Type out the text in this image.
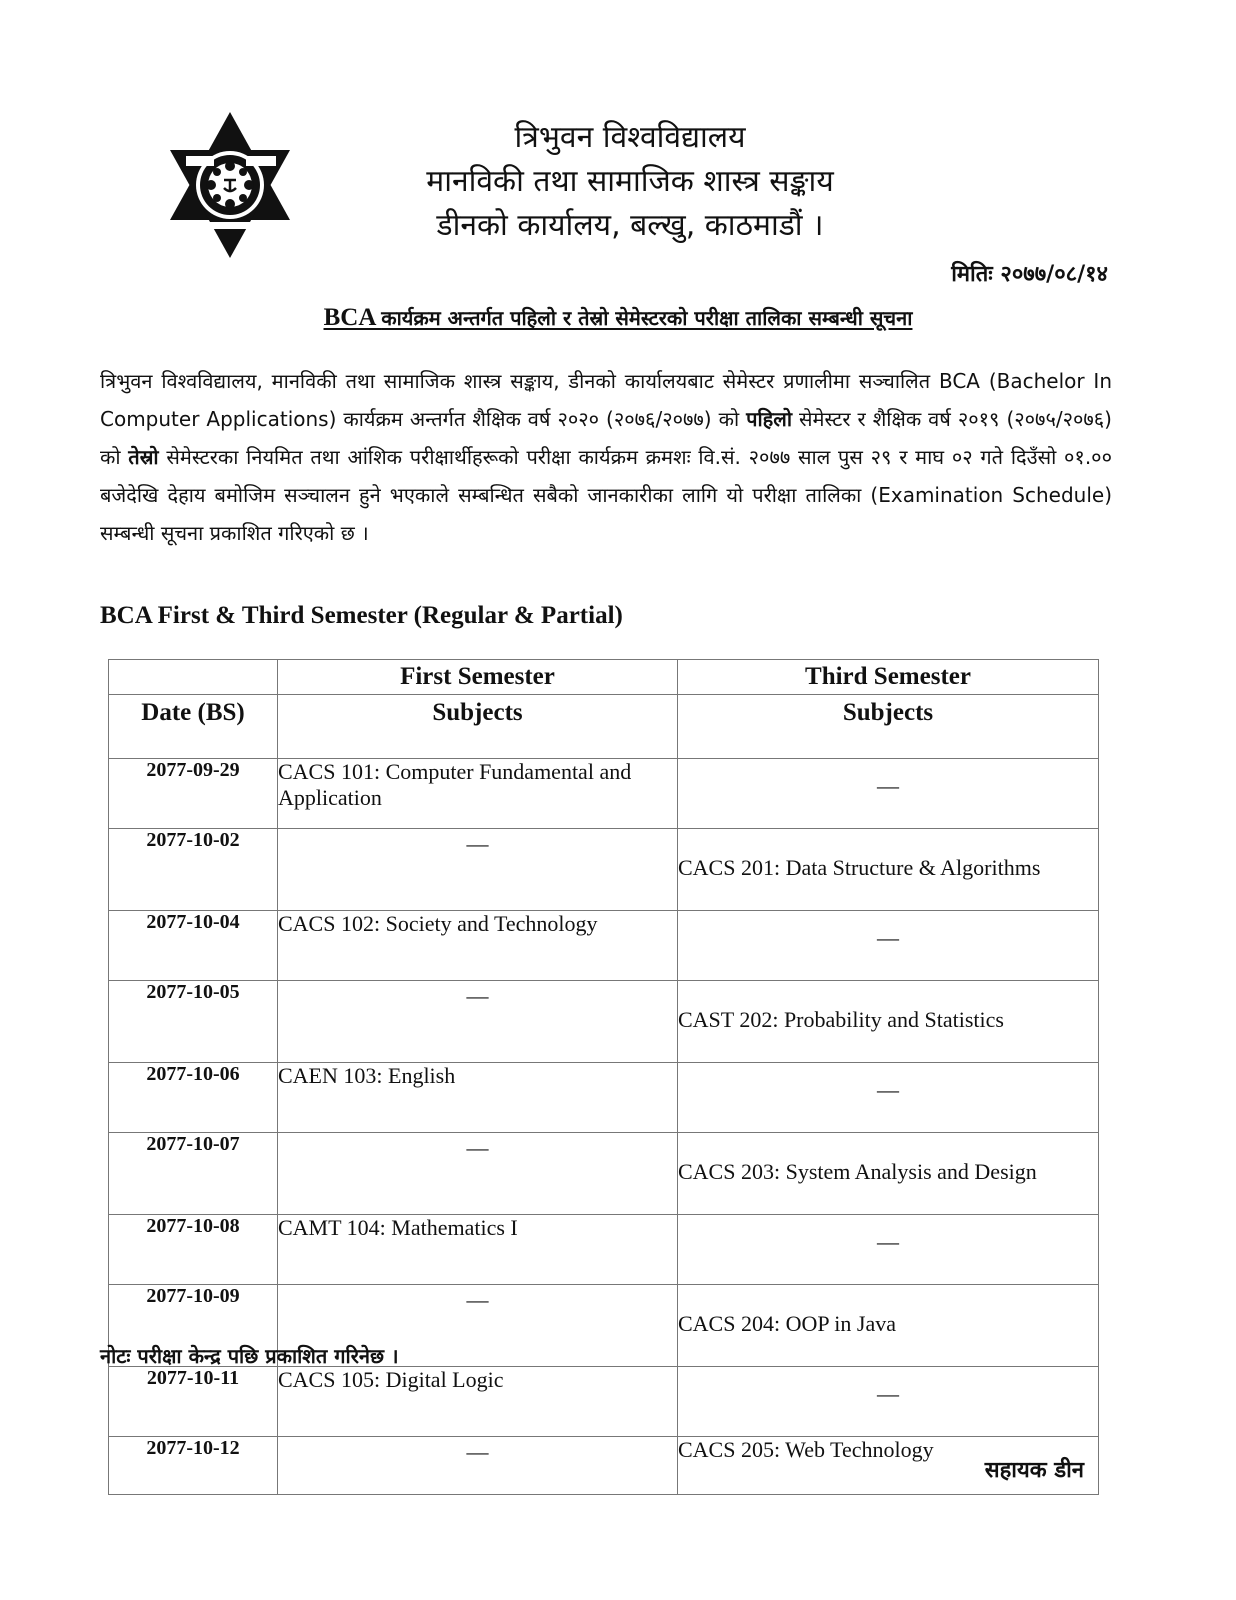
त्रिभुवन विश्वविद्यालय
मानविकी तथा सामाजिक शास्त्र सङ्काय
डीनको कार्यालय, बल्खु, काठमाडौं ।
मितिः २०७७/०८/१४
BCA कार्यक्रम अन्तर्गत पहिलो र तेस्रो सेमेस्टरको परीक्षा तालिका सम्बन्धी सूचना
त्रिभुवन विश्वविद्यालय, मानविकी तथा सामाजिक शास्त्र सङ्काय, डीनको कार्यालयबाट सेमेस्टर प्रणालीमा सञ्चालित BCA (Bachelor In Computer Applications) कार्यक्रम अन्तर्गत शैक्षिक वर्ष २०२० (२०७६/२०७७) को पहिलो सेमेस्टर र शैक्षिक वर्ष २०१९ (२०७५/२०७६) को तेस्रो सेमेस्टरका नियमित तथा आंशिक परीक्षार्थीहरूको परीक्षा कार्यक्रम क्रमशः वि.सं. २०७७ साल पुस २९ र माघ ०२ गते दिउँसो ०१.०० बजेदेखि देहाय बमोजिम सञ्चालन हुने भएकाले सम्बन्धित सबैको जानकारीका लागि यो परीक्षा तालिका (Examination Schedule) सम्बन्धी सूचना प्रकाशित गरिएको छ ।
BCA First & Third Semester (Regular & Partial)
	First Semester	Third Semester
Date (BS)	Subjects	Subjects
2077-09-29	CACS 101: Computer Fundamental and Application	—
2077-10-02	—	CACS 201: Data Structure & Algorithms
2077-10-04	CACS 102: Society and Technology	—
2077-10-05	—	CAST 202: Probability and Statistics
2077-10-06	CAEN 103: English	—
2077-10-07	—	CACS 203: System Analysis and Design
2077-10-08	CAMT 104: Mathematics I	—
2077-10-09	—	CACS 204: OOP in Java
2077-10-11	CACS 105: Digital Logic	—
2077-10-12	—	CACS 205: Web Technology
नोटः परीक्षा केन्द्र पछि प्रकाशित गरिनेछ ।
सहायक डीन
